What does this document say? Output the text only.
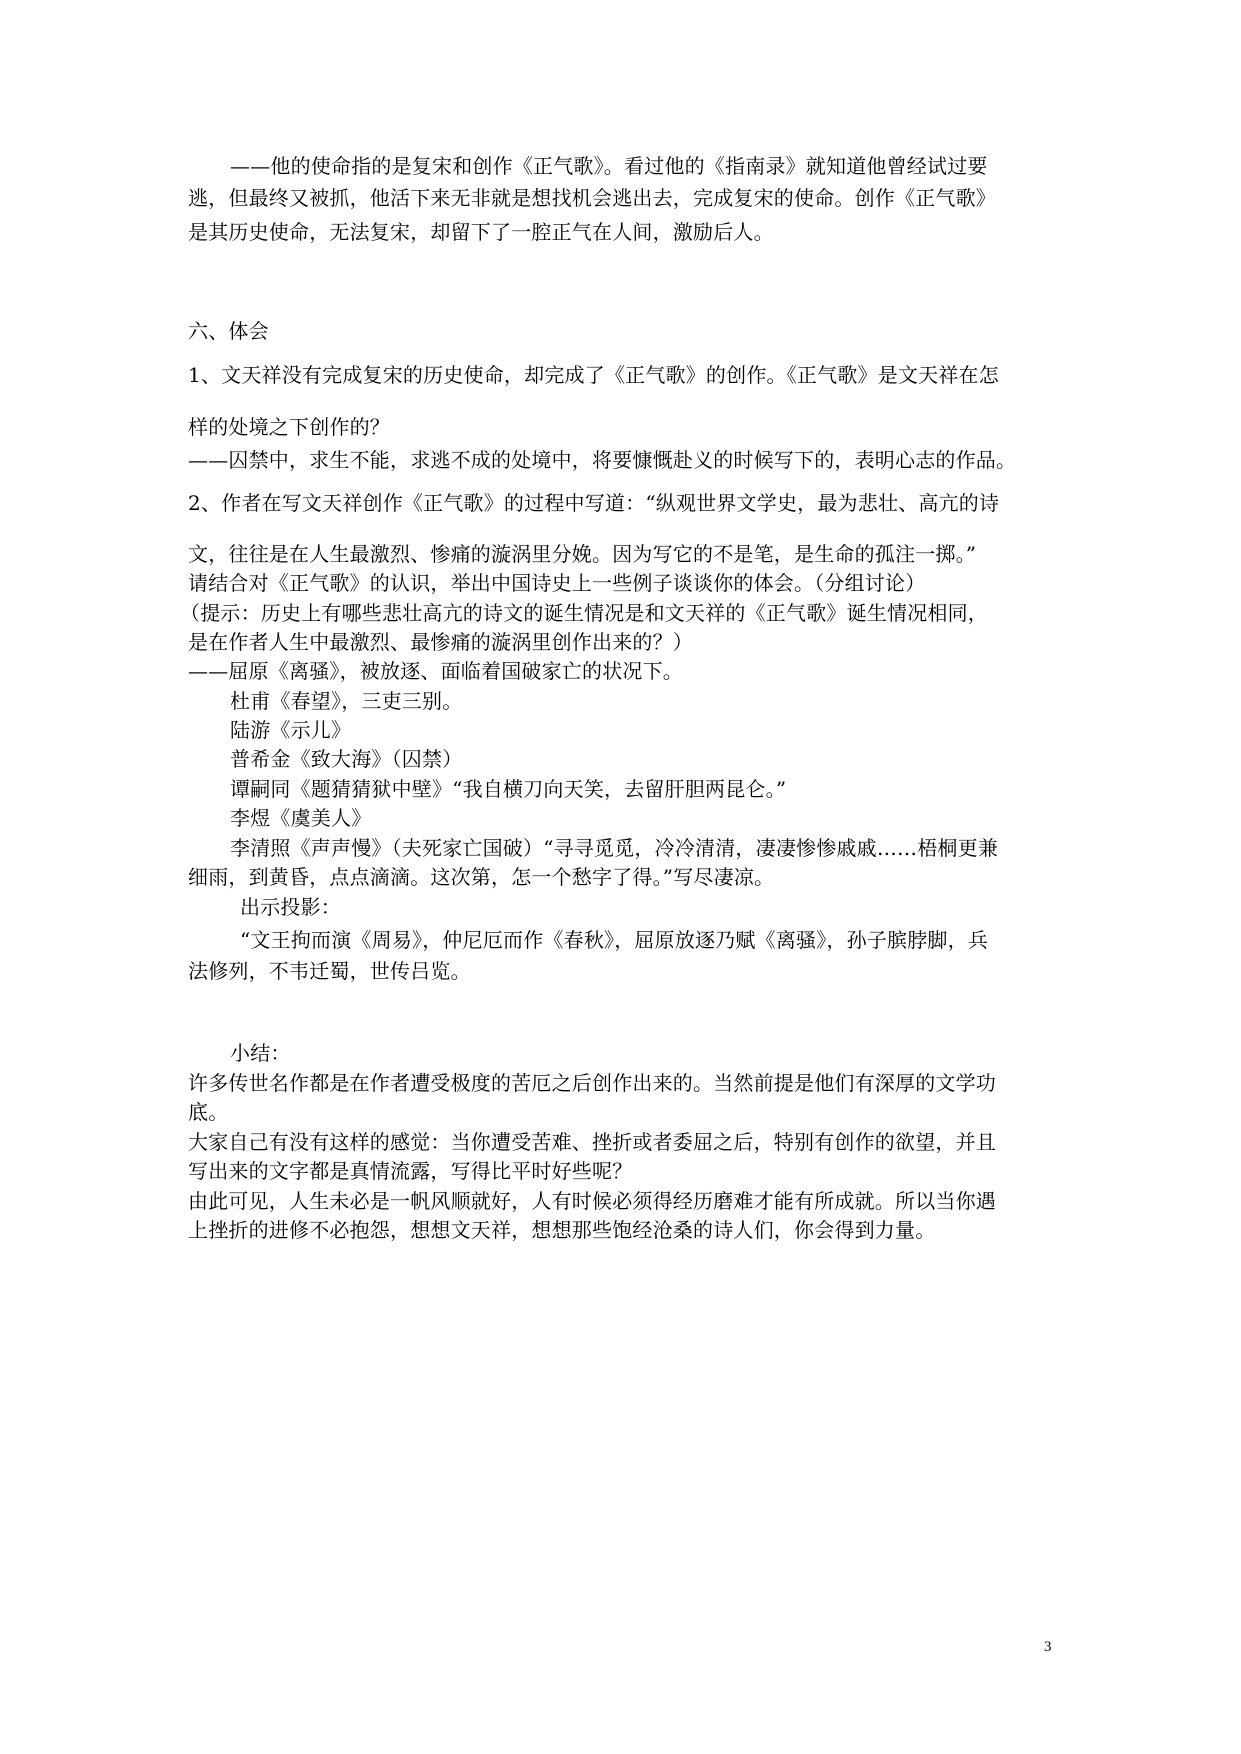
——他的使命指的是复宋和创作《正气歌》。看过他的《指南录》就知道他曾经试过要
逃，但最终又被抓，他活下来无非就是想找机会逃出去，完成复宋的使命。创作《正气歌》
是其历史使命，无法复宋，却留下了一腔正气在人间，激励后人。
六、体会
1、文天祥没有完成复宋的历史使命，却完成了《正气歌》的创作。《正气歌》是文天祥在怎
样的处境之下创作的？
——囚禁中，求生不能，求逃不成的处境中，将要慷慨赴义的时候写下的，表明心志的作品。
2、作者在写文天祥创作《正气歌》的过程中写道：“纵观世界文学史，最为悲壮、高亢的诗
文，往往是在人生最激烈、惨痛的漩涡里分娩。因为写它的不是笔，是生命的孤注一掷。”
请结合对《正气歌》的认识，举出中国诗史上一些例子谈谈你的体会。（分组讨论）
（提示：历史上有哪些悲壮高亢的诗文的诞生情况是和文天祥的《正气歌》诞生情况相同，
是在作者人生中最激烈、最惨痛的漩涡里创作出来的？）
——屈原《离骚》，被放逐、面临着国破家亡的状况下。
杜甫《春望》，三吏三别。
陆游《示儿》
普希金《致大海》（囚禁）
谭嗣同《题猜猜狱中壁》“我自横刀向天笑，去留肝胆两昆仑。”
李煜《虞美人》
李清照《声声慢》（夫死家亡国破）“寻寻觅觅，冷冷清清，凄凄惨惨戚戚……梧桐更兼
细雨，到黄昏，点点滴滴。这次第，怎一个愁字了得。”写尽凄凉。
出示投影：
“文王拘而演《周易》，仲尼厄而作《春秋》，屈原放逐乃赋《离骚》，孙子膑脖脚，兵
法修列，不韦迁蜀，世传吕览。
小结：
许多传世名作都是在作者遭受极度的苦厄之后创作出来的。当然前提是他们有深厚的文学功
底。
大家自己有没有这样的感觉：当你遭受苦难、挫折或者委屈之后，特别有创作的欲望，并且
写出来的文字都是真情流露，写得比平时好些呢？
由此可见，人生未必是一帆风顺就好，人有时候必须得经历磨难才能有所成就。所以当你遇
上挫折的进修不必抱怨，想想文天祥，想想那些饱经沧桑的诗人们，你会得到力量。
3
